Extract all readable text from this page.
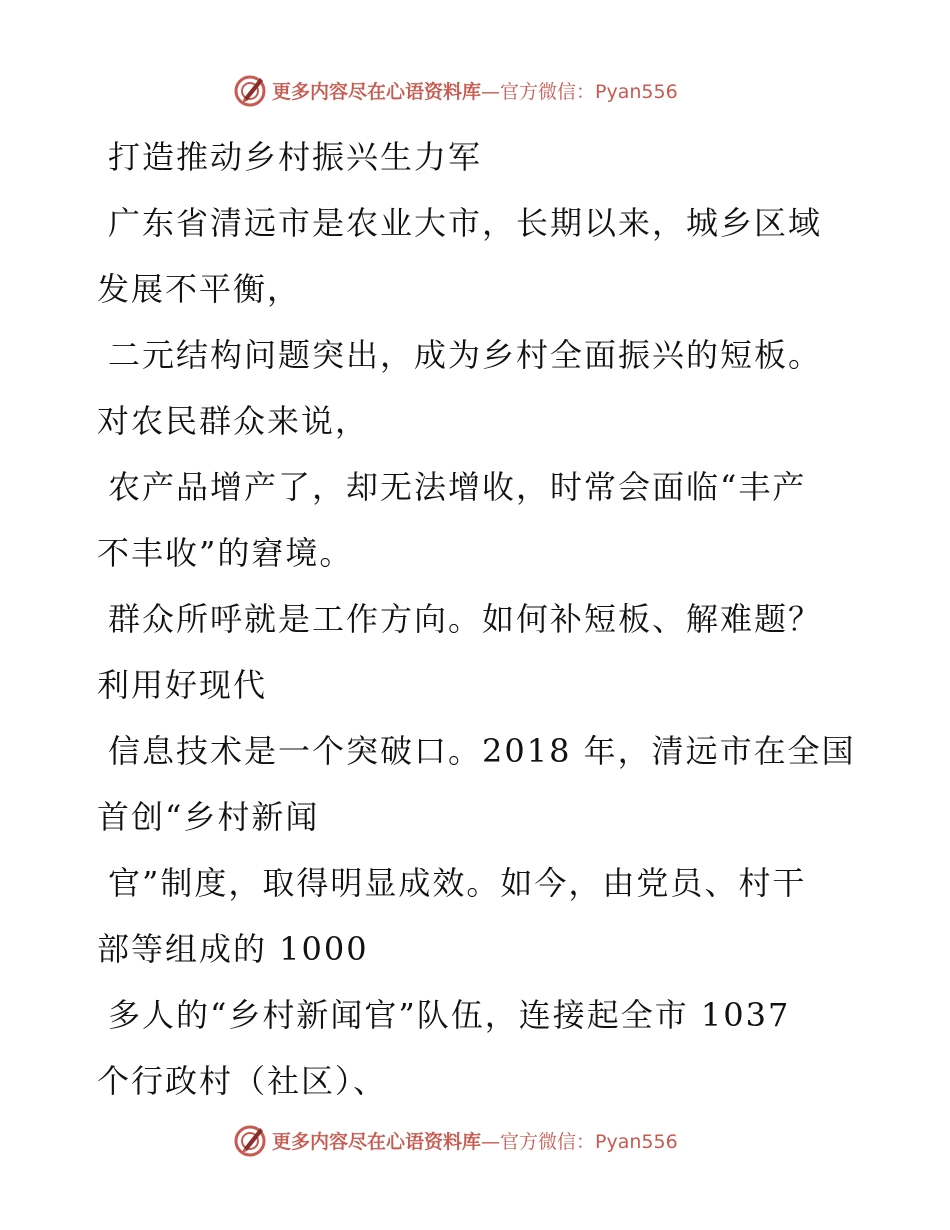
更多内容尽在心语资料库—官方微信：Pyan556
打造推动乡村振兴生力军
广东省清远市是农业大市，长期以来，城乡区域
发展不平衡，
二元结构问题突出，成为乡村全面振兴的短板。
对农民群众来说，
农产品增产了，却无法增收，时常会面临“丰产
不丰收”的窘境。
群众所呼就是工作方向。如何补短板、解难题？
利用好现代
信息技术是一个突破口。2018 年，清远市在全国
首创“乡村新闻
官”制度，取得明显成效。如今，由党员、村干
部等组成的 1000
多人的“乡村新闻官”队伍，连接起全市 1037
个行政村（社区）、
更多内容尽在心语资料库—官方微信：Pyan556
